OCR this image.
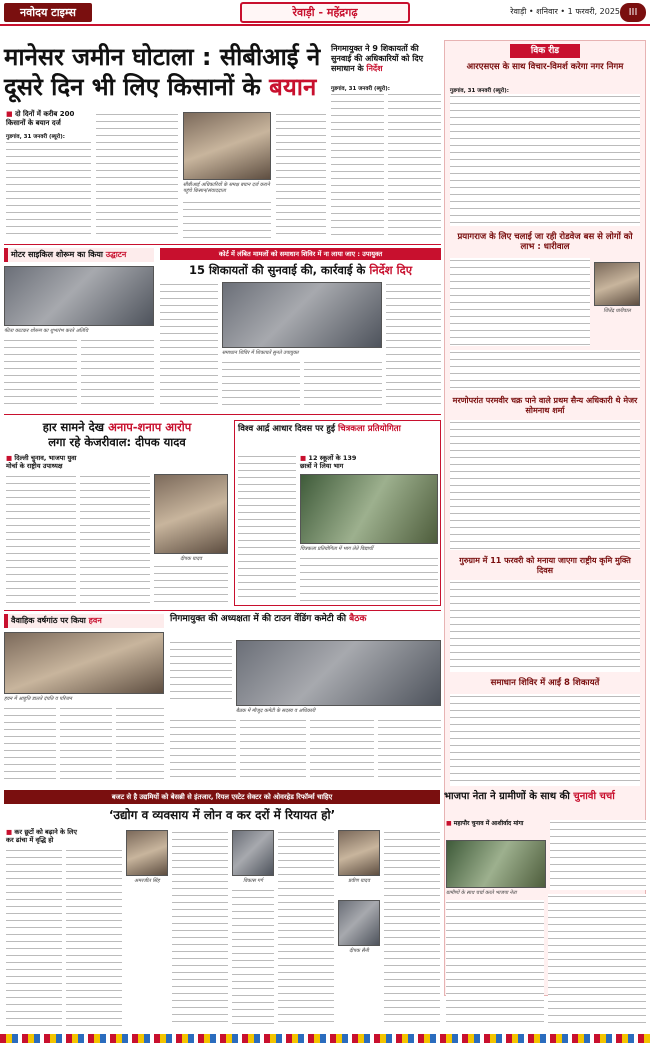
नवोदय टाइम्स	रेवाड़ी - महेंद्रगढ़	रेवाड़ी • शनिवार • 1 फरवरी, 2025 III
मानेसर जमीन घोटाला : सीबीआई ने
दूसरे दिन भी लिए किसानों के बयान
■ दो दिनों में करीब 200
किसानों के बयान दर्ज
गुडगांव, 31 जनवरी (ब्यूरो):
सीबीआई अधिकारियों के समक्ष बयान दर्ज कराने पहुंचे किसान/संवाददाता
निगमायुक्त ने 9 शिकायतों की सुनवाई की अधिकारियों को दिए समाधान के निर्देश
गुडगांव, 31 जनवरी (ब्यूरो):
मोटर साइकिल शोरूम का किया उद्घाटन
फीता काटकर शोरूम का शुभारंभ करते अतिथि
कोर्ट में लंबित मामलों को समाधान शिविर में ना लाया जाए : उपायुक्त
15 शिकायतों की सुनवाई की, कार्रवाई के निर्देश दिए
समाधान शिविर में शिकायतें सुनते उपायुक्त
हार सामने देख अनाप-शनाप आरोप
लगा रहे केजरीवाल: दीपक यादव
■ दिल्ली चुनाव, भाजपा युवा
मोर्चा के राष्ट्रीय उपाध्यक्ष
दीपक यादव
विश्व आर्द्र आधार दिवस पर हुई चित्रकला प्रतियोगिता
■ 12 स्कूलों के 139
छात्रों ने लिया भाग
चित्रकला प्रतियोगिता में भाग लेते विद्यार्थी
वैवाहिक वर्षगांठ पर किया हवन
हवन में आहुति डालते दंपति व परिजन
निगमायुक्त की अध्यक्षता में की टाउन वेंडिंग कमेटी की बैठक
बैठक में मौजूद कमेटी के सदस्य व अधिकारी
विक रीड
आरएसएस के साथ विचार-विमर्श करेगा नगर निगम
गुडगांव, 31 जनवरी (ब्यूरो):
प्रयागराज के लिए चलाई जा रही रोडवेज बस से लोगों को लाभ : धारीवाल
जितेंद्र धारीवाल
मरणोपरांत परमवीर चक्र पाने वाले प्रथम सैन्य अधिकारी थे मेजर सोमनाथ शर्मा
गुरुग्राम में 11 फरवरी को मनाया जाएगा राष्ट्रीय कृमि मुक्ति दिवस
समाधान शिविर में आईं 8 शिकायतें
बजट से है उद्यमियों को बेसब्री से इंतजार, रियल एस्टेट सेक्टर को ओवरहेड रिफॉर्म्स चाहिए
‘उद्योग व व्यवसाय में लोन व कर दरों में रियायत हो’
■ कर छूटों को बढ़ाने के लिए
कर ढांचा में वृद्धि हो
अमरजीत सिंह	विकास गर्ग	प्रवीण यादव
दीपक सैनी
भाजपा नेता ने ग्रामीणों के साथ की चुनावी चर्चा
■ महापौर चुनाव में आशीर्वाद मांगा
ग्रामीणों के साथ चर्चा करते भाजपा नेता
